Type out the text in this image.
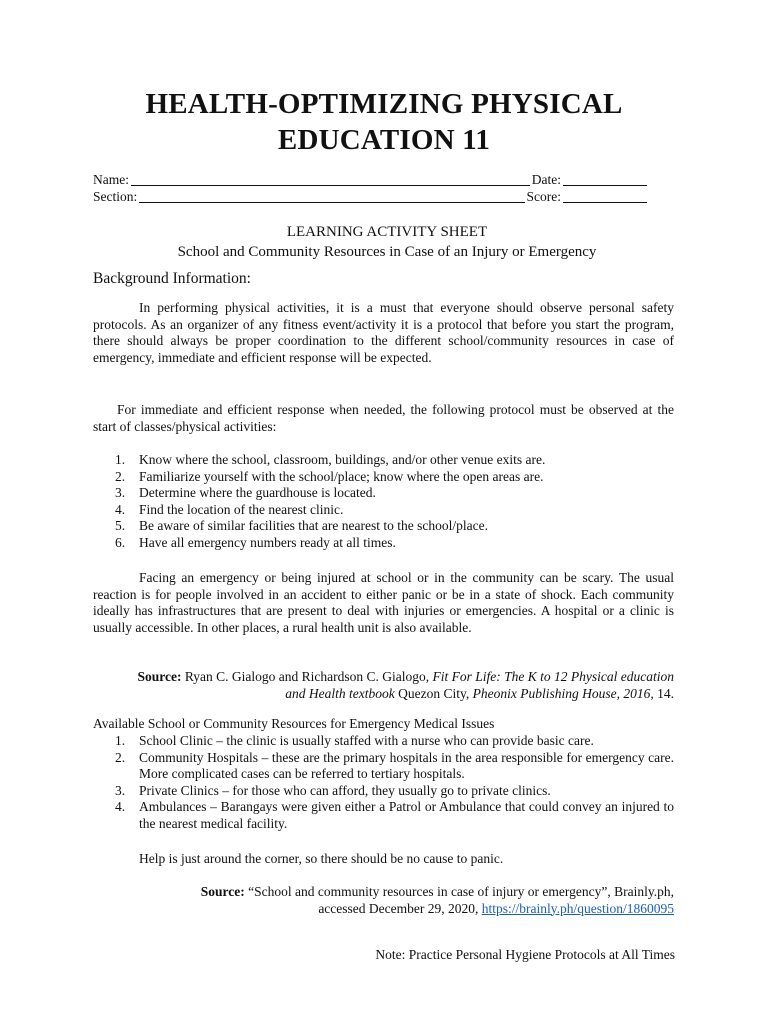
HEALTH-OPTIMIZING PHYSICAL
EDUCATION 11
Name:	Date:
Section:	Score:
LEARNING ACTIVITY SHEET
School and Community Resources in Case of an Injury or Emergency
Background Information:

In performing physical activities, it is a must that everyone should observe personal safety protocols. As an organizer of any fitness event/activity it is a protocol that before you start the program, there should always be proper coordination to the different school/community resources in case of emergency, immediate and efficient response will be expected.

For immediate and efficient response when needed, the following protocol must be observed at the start of classes/physical activities:

1. Know where the school, classroom, buildings, and/or other venue exits are.
2. Familiarize yourself with the school/place; know where the open areas are.
3. Determine where the guardhouse is located.
4. Find the location of the nearest clinic.
5. Be aware of similar facilities that are nearest to the school/place.
6. Have all emergency numbers ready at all times.

Facing an emergency or being injured at school or in the community can be scary. The usual reaction is for people involved in an accident to either panic or be in a state of shock. Each community ideally has infrastructures that are present to deal with injuries or emergencies. A hospital or a clinic is usually accessible. In other places, a rural health unit is also available.

Source: Ryan C. Gialogo and Richardson C. Gialogo, Fit For Life: The K to 12 Physical education and Health textbook Quezon City, Pheonix Publishing House, 2016, 14.

Available School or Community Resources for Emergency Medical Issues

1. School Clinic – the clinic is usually staffed with a nurse who can provide basic care.
2. Community Hospitals – these are the primary hospitals in the area responsible for emergency care. More complicated cases can be referred to tertiary hospitals.
3. Private Clinics – for those who can afford, they usually go to private clinics.
4. Ambulances – Barangays were given either a Patrol or Ambulance that could convey an injured to the nearest medical facility.

Help is just around the corner, so there should be no cause to panic.

Source: “School and community resources in case of injury or emergency”, Brainly.ph,
accessed December 29, 2020, https://brainly.ph/question/1860095
Note: Practice Personal Hygiene Protocols at All Times
